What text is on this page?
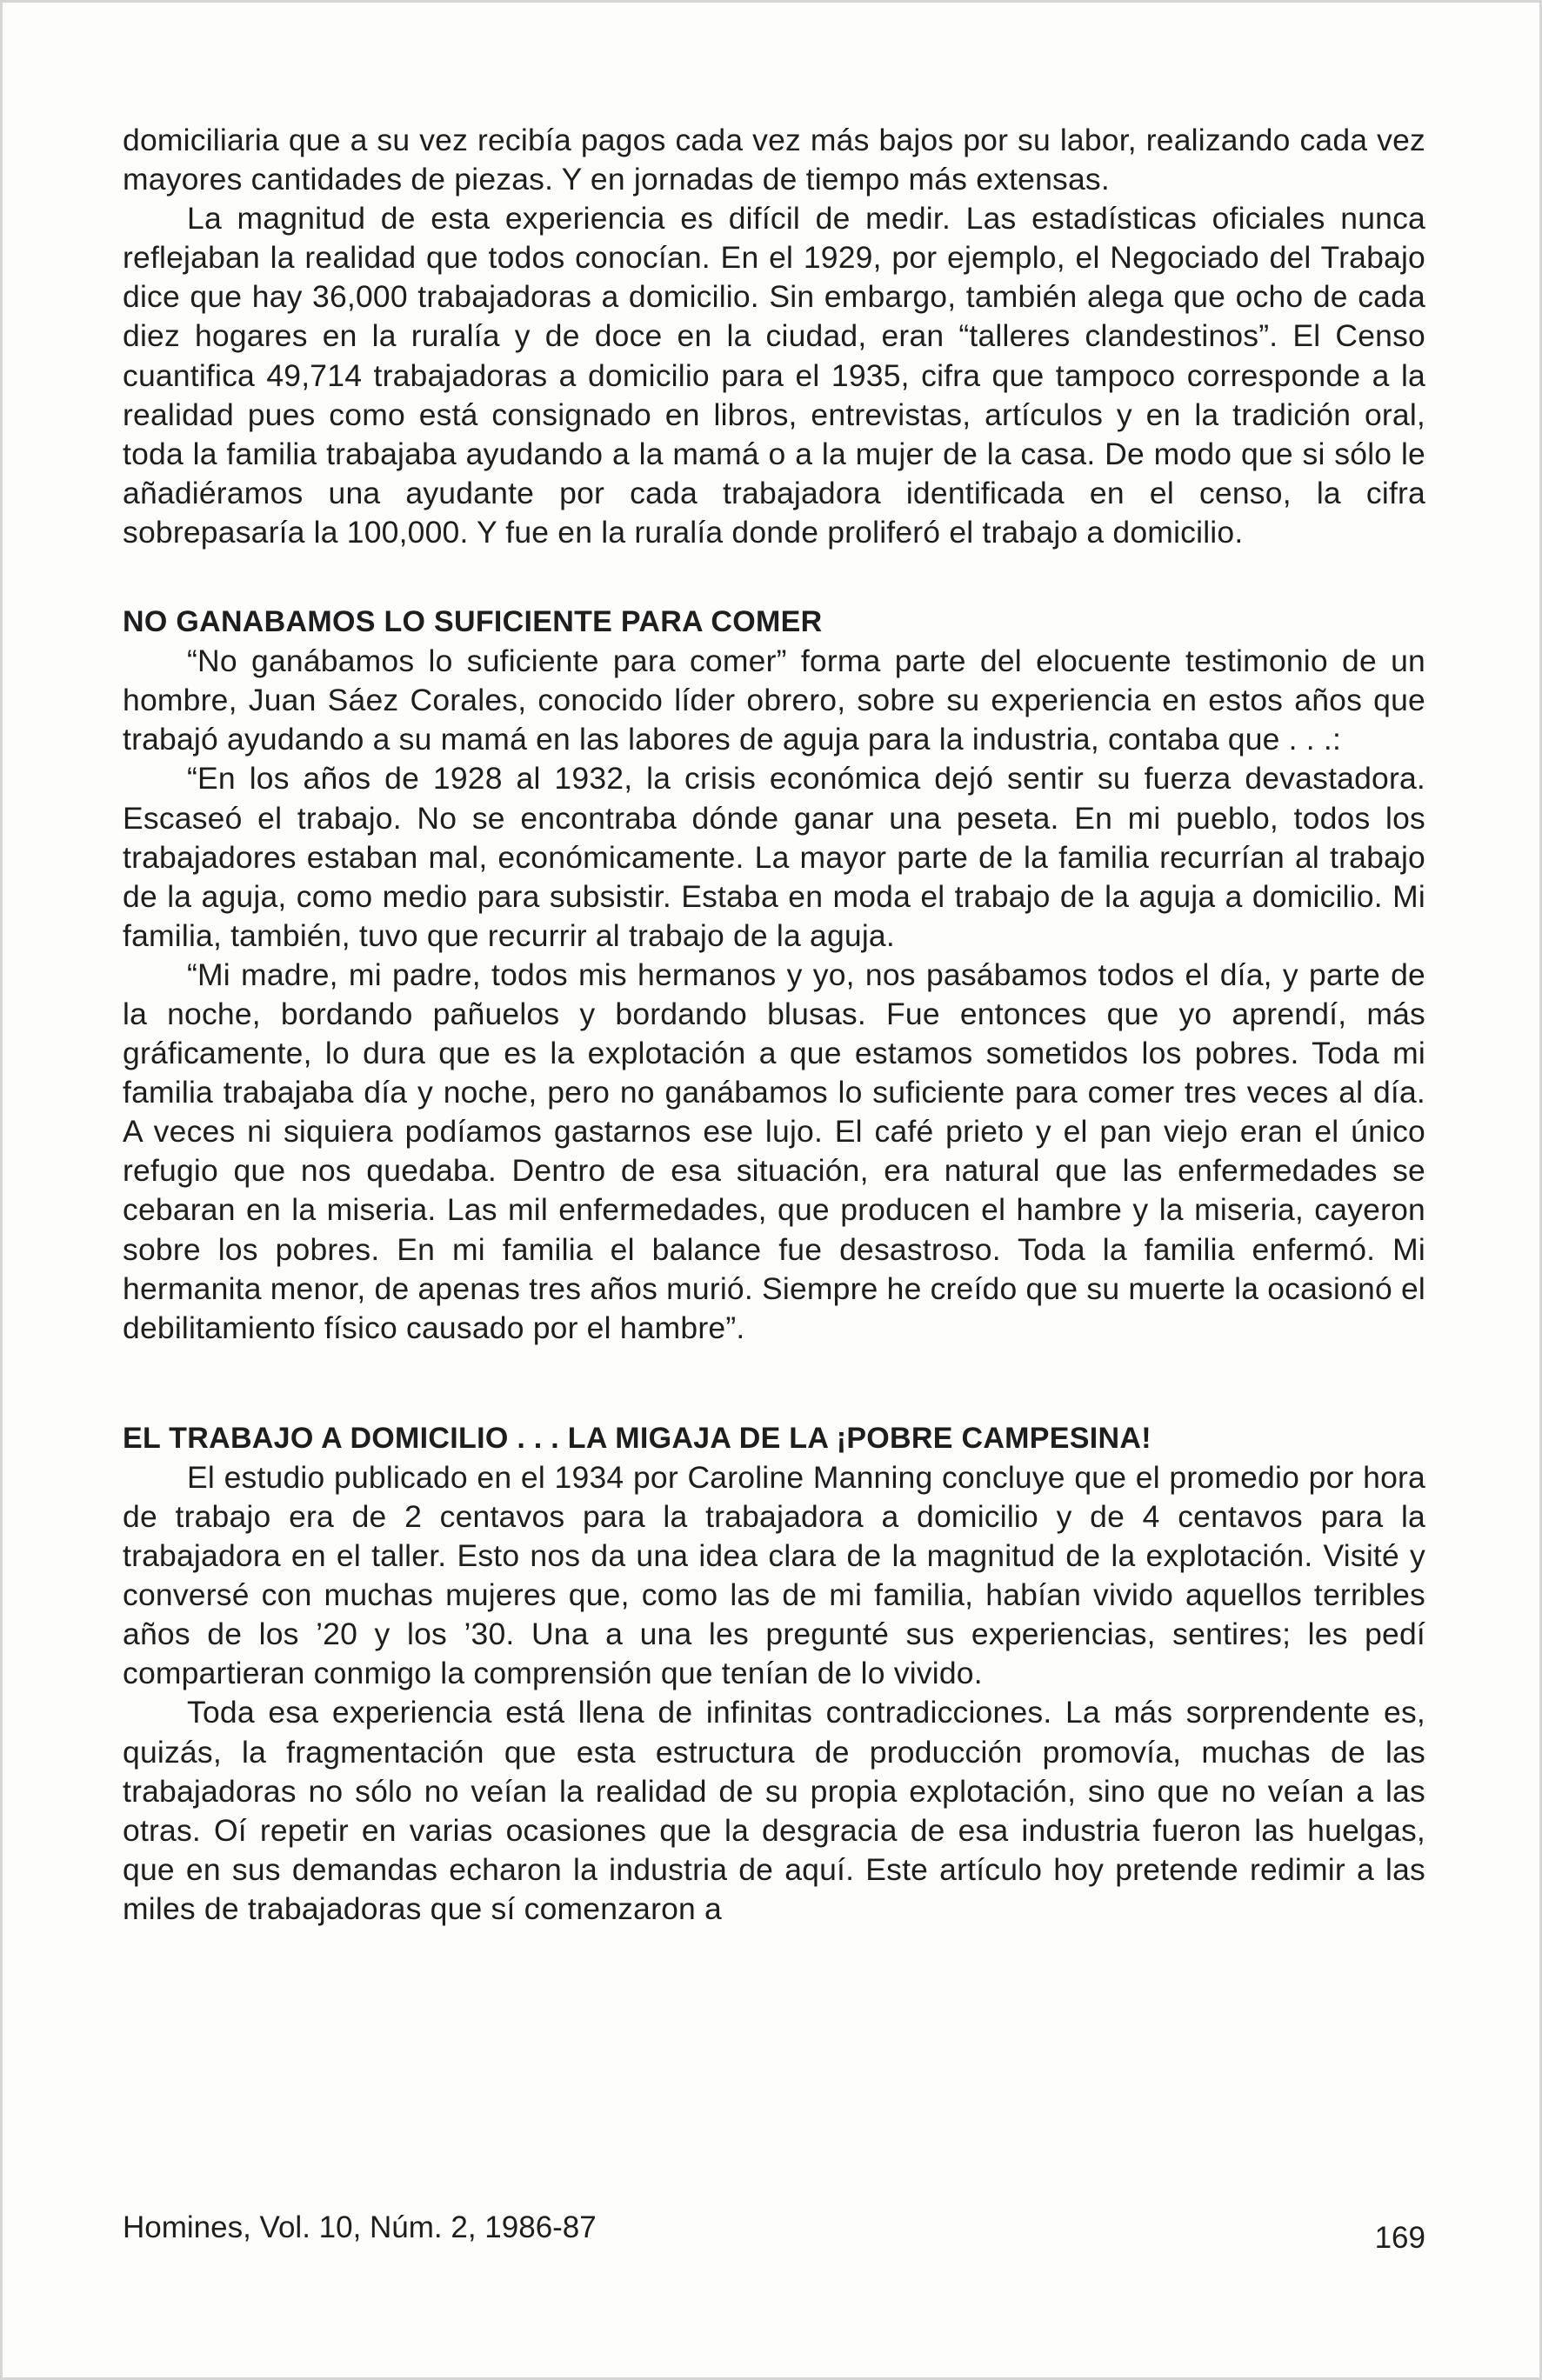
domiciliaria que a su vez recibía pagos cada vez más bajos por su labor, realizando cada vez mayores cantidades de piezas. Y en jornadas de tiempo más extensas.

La magnitud de esta experiencia es difícil de medir. Las estadísticas oficiales nunca reflejaban la realidad que todos conocían. En el 1929, por ejemplo, el Negociado del Trabajo dice que hay 36,000 trabajadoras a domicilio. Sin embargo, también alega que ocho de cada diez hogares en la ruralía y de doce en la ciudad, eran “talleres clandestinos”. El Censo cuantifica 49,714 trabajadoras a domicilio para el 1935, cifra que tampoco corresponde a la realidad pues como está consignado en libros, entrevistas, artículos y en la tradición oral, toda la familia trabajaba ayudando a la mamá o a la mujer de la casa. De modo que si sólo le añadiéramos una ayudante por cada trabajadora identificada en el censo, la cifra sobrepasaría la 100,000. Y fue en la ruralía donde proliferó el trabajo a domicilio.

NO GANABAMOS LO SUFICIENTE PARA COMER

“No ganábamos lo suficiente para comer” forma parte del elocuente testimonio de un hombre, Juan Sáez Corales, conocido líder obrero, sobre su experiencia en estos años que trabajó ayudando a su mamá en las labores de aguja para la industria, contaba que . . .:

“En los años de 1928 al 1932, la crisis económica dejó sentir su fuerza devastadora. Escaseó el trabajo. No se encontraba dónde ganar una peseta. En mi pueblo, todos los trabajadores estaban mal, económicamente. La mayor parte de la familia recurrían al trabajo de la aguja, como medio para subsistir. Estaba en moda el trabajo de la aguja a domicilio. Mi familia, también, tuvo que recurrir al trabajo de la aguja.

“Mi madre, mi padre, todos mis hermanos y yo, nos pasábamos todos el día, y parte de la noche, bordando pañuelos y bordando blusas. Fue entonces que yo aprendí, más gráficamente, lo dura que es la explotación a que estamos sometidos los pobres. Toda mi familia trabajaba día y noche, pero no ganábamos lo suficiente para comer tres veces al día. A veces ni siquiera podíamos gastarnos ese lujo. El café prieto y el pan viejo eran el único refugio que nos quedaba. Dentro de esa situación, era natural que las enfermedades se cebaran en la miseria. Las mil enfermedades, que producen el hambre y la miseria, cayeron sobre los pobres. En mi familia el balance fue desastroso. Toda la familia enfermó. Mi hermanita menor, de apenas tres años murió. Siempre he creído que su muerte la ocasionó el debilitamiento físico causado por el hambre”.

EL TRABAJO A DOMICILIO . . . LA MIGAJA DE LA ¡POBRE CAMPESINA!

El estudio publicado en el 1934 por Caroline Manning concluye que el promedio por hora de trabajo era de 2 centavos para la trabajadora a domicilio y de 4 centavos para la trabajadora en el taller. Esto nos da una idea clara de la magnitud de la explotación. Visité y conversé con muchas mujeres que, como las de mi familia, habían vivido aquellos terribles años de los ’20 y los ’30. Una a una les pregunté sus experiencias, sentires; les pedí compartieran conmigo la comprensión que tenían de lo vivido.

Toda esa experiencia está llena de infinitas contradicciones. La más sorprendente es, quizás, la fragmentación que esta estructura de producción promovía, muchas de las trabajadoras no sólo no veían la realidad de su propia explotación, sino que no veían a las otras. Oí repetir en varias ocasiones que la desgracia de esa industria fueron las huelgas, que en sus demandas echaron la industria de aquí. Este artículo hoy pretende redimir a las miles de trabajadoras que sí comenzaron a

Homines, Vol. 10, Núm. 2, 1986-87	169
